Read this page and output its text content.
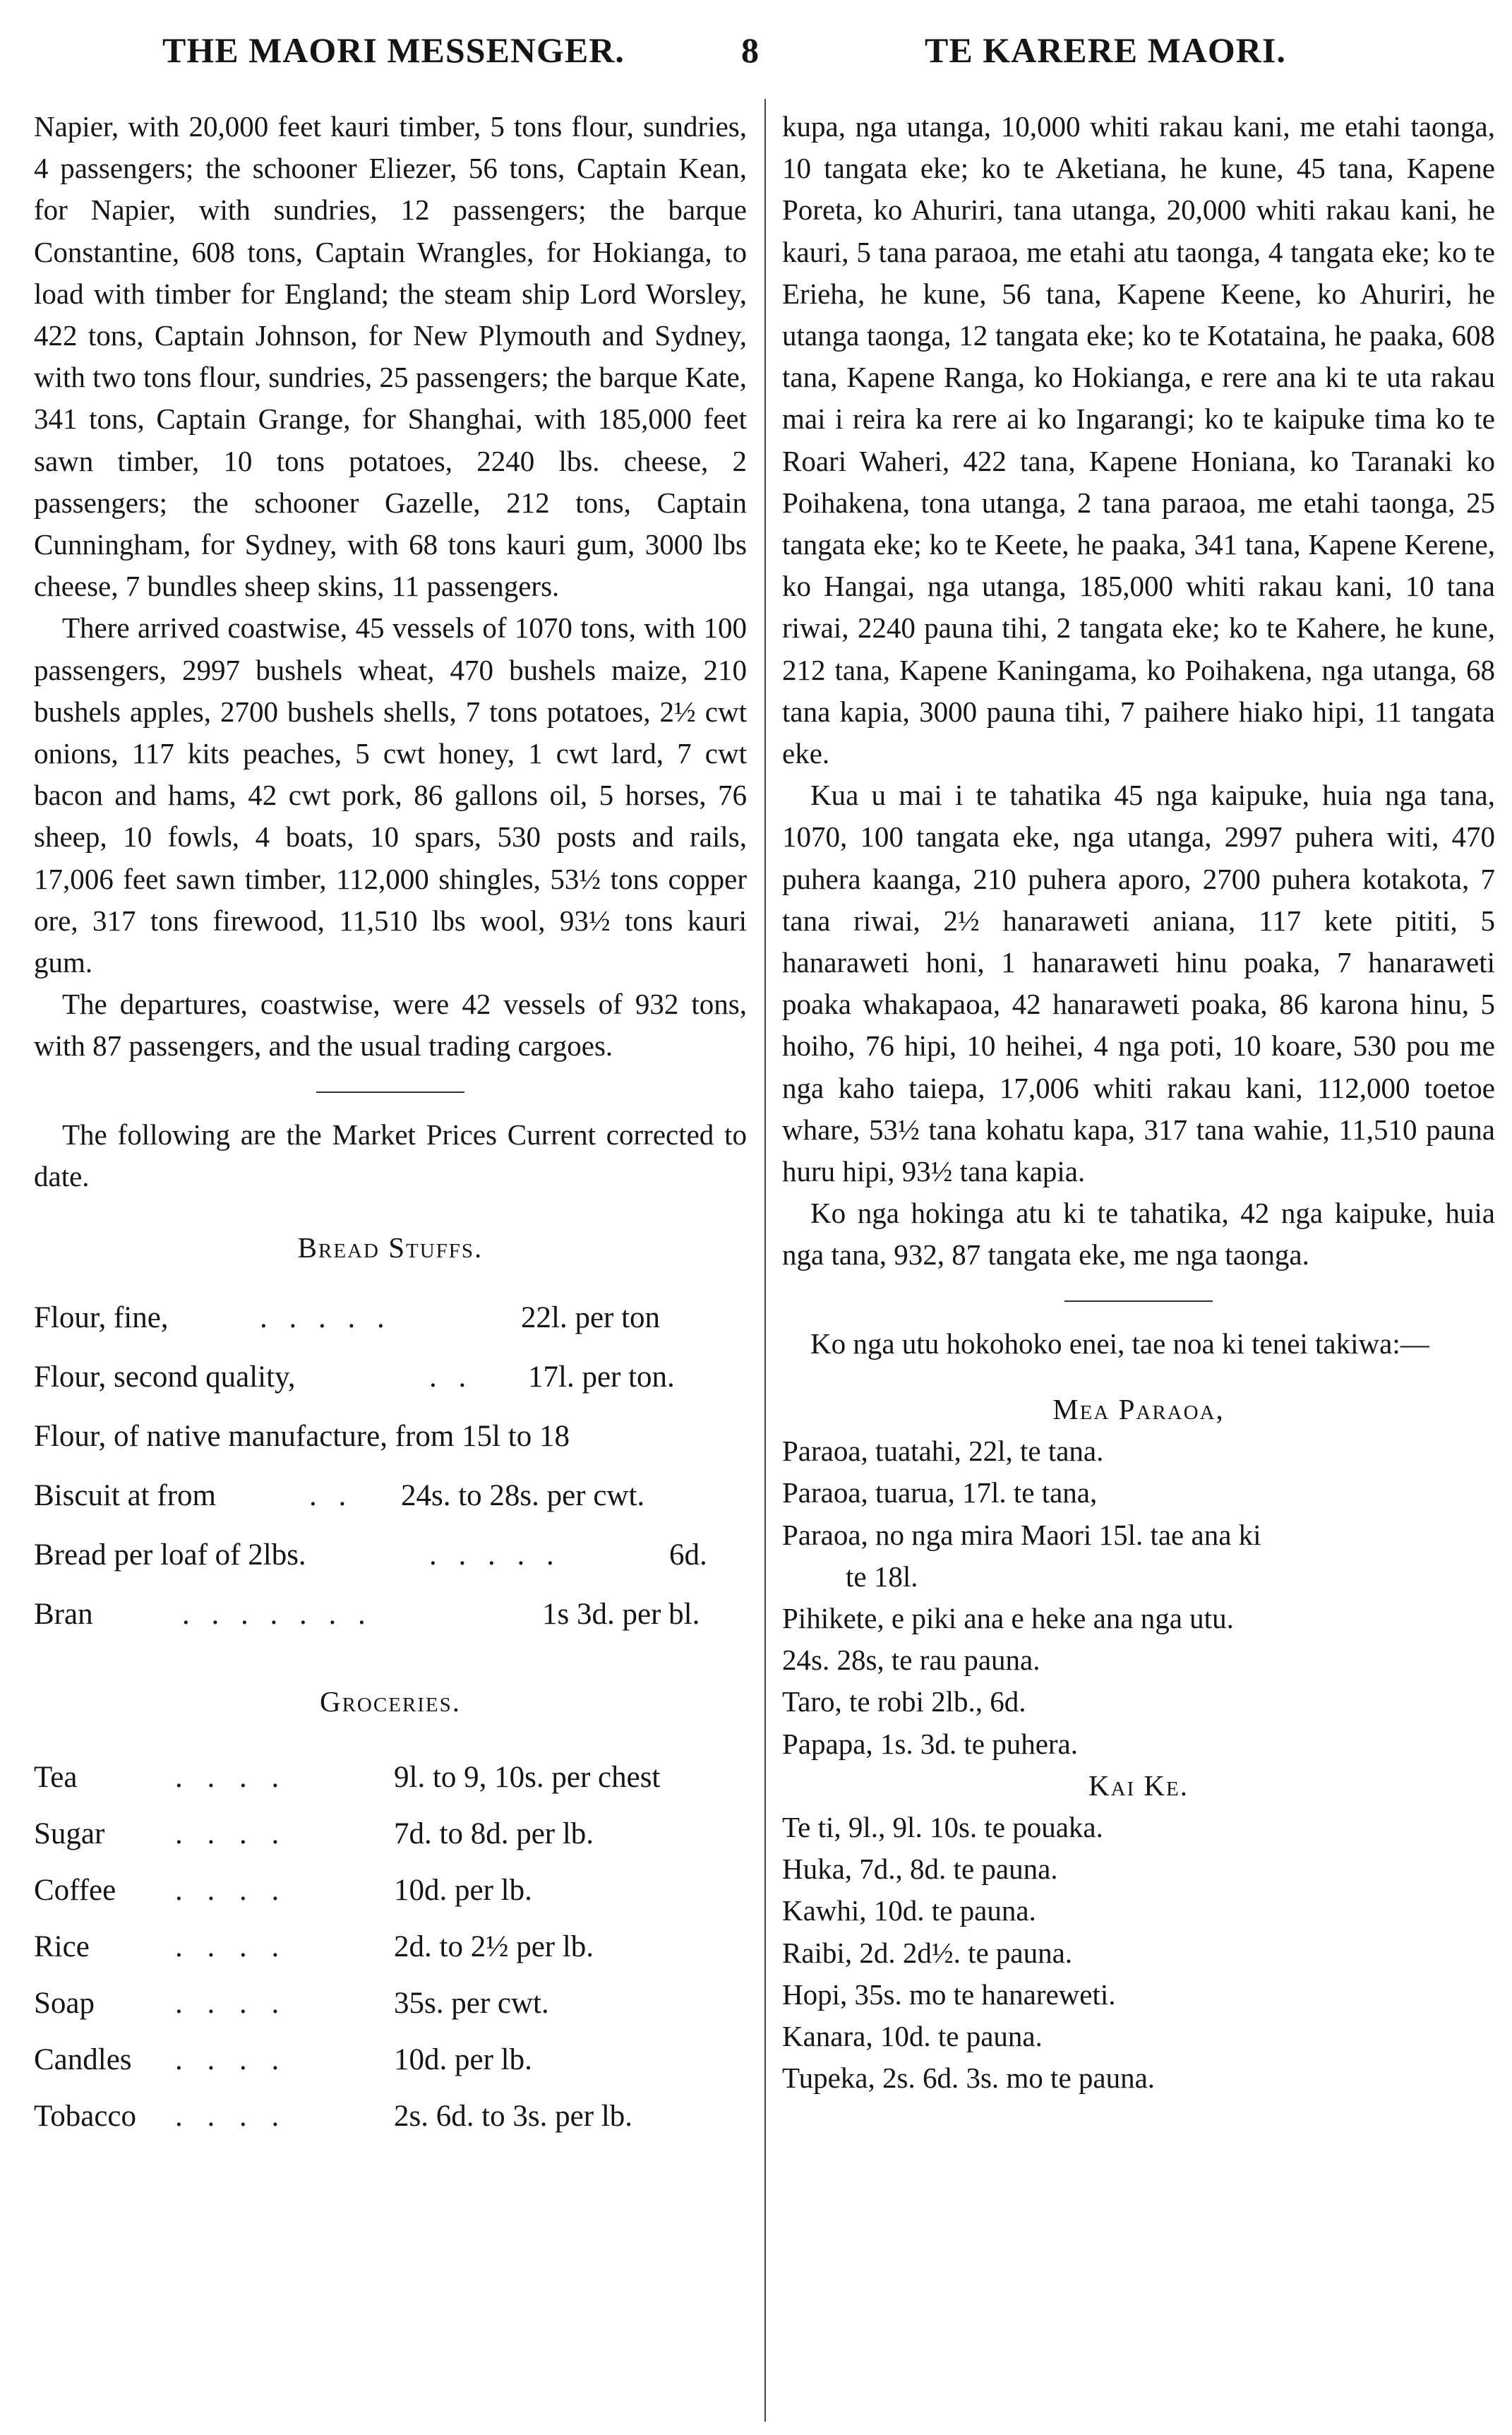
THE MAORI MESSENGER.	8	TE KARERE MAORI.

Napier, with 20,000 feet kauri timber, 5 tons flour, sundries, 4 passengers; the schooner Eliezer, 56 tons, Captain Kean, for Napier, with sundries, 12 passengers; the barque Constantine, 608 tons, Captain Wrangles, for Hokianga, to load with timber for England; the steam ship Lord Worsley, 422 tons, Captain Johnson, for New Plymouth and Sydney, with two tons flour, sundries, 25 passengers; the barque Kate, 341 tons, Captain Grange, for Shanghai, with 185,000 feet sawn timber, 10 tons potatoes, 2240 lbs. cheese, 2 passengers; the schooner Gazelle, 212 tons, Captain Cunningham, for Sydney, with 68 tons kauri gum, 3000 lbs cheese, 7 bundles sheep skins, 11 passengers.

There arrived coastwise, 45 vessels of 1070 tons, with 100 passengers, 2997 bushels wheat, 470 bushels maize, 210 bushels apples, 2700 bushels shells, 7 tons potatoes, 2½ cwt onions, 117 kits peaches, 5 cwt honey, 1 cwt lard, 7 cwt bacon and hams, 42 cwt pork, 86 gallons oil, 5 horses, 76 sheep, 10 fowls, 4 boats, 10 spars, 530 posts and rails, 17,006 feet sawn timber, 112,000 shingles, 53½ tons copper ore, 317 tons firewood, 11,510 lbs wool, 93½ tons kauri gum.

The departures, coastwise, were 42 vessels of 932 tons, with 87 passengers, and the usual trading cargoes.

The following are the Market Prices Current corrected to date.

Bread Stuffs.

Flour, fine,	. . . . .	22l. per ton
Flour, second quality,	. . 17l. per ton.
Flour, of native manufacture, from 15l to 18
Biscuit at from	. . 24s. to 28s. per cwt.
Bread per loaf of 2lbs.	. . . . .	6d.
Bran	. . . . . . .	1s 3d. per bl.

Groceries.

Tea	. . . .	9l. to 9, 10s. per chest
Sugar . . . .	7d. to 8d. per lb.
Coffee . . . .	10d. per lb.
Rice	. . . .	2d. to 2½ per lb.
Soap	. . . .	35s. per cwt.
Candles . . . .	10d. per lb.
Tobacco . . . .	2s. 6d. to 3s. per lb.

kupa, nga utanga, 10,000 whiti rakau kani, me etahi taonga, 10 tangata eke; ko te Aketiana, he kune, 45 tana, Kapene Poreta, ko Ahuriri, tana utanga, 20,000 whiti rakau kani, he kauri, 5 tana paraoa, me etahi atu taonga, 4 tangata eke; ko te Erieha, he kune, 56 tana, Kapene Keene, ko Ahuriri, he utanga taonga, 12 tangata eke; ko te Kotataina, he paaka, 608 tana, Kapene Ranga, ko Hokianga, e rere ana ki te uta rakau mai i reira ka rere ai ko Ingarangi; ko te kaipuke tima ko te Roari Waheri, 422 tana, Kapene Honiana, ko Taranaki ko Poihakena, tona utanga, 2 tana paraoa, me etahi taonga, 25 tangata eke; ko te Keete, he paaka, 341 tana, Kapene Kerene, ko Hangai, nga utanga, 185,000 whiti rakau kani, 10 tana riwai, 2240 pauna tihi, 2 tangata eke; ko te Kahere, he kune, 212 tana, Kapene Kaningama, ko Poihakena, nga utanga, 68 tana kapia, 3000 pauna tihi, 7 paihere hiako hipi, 11 tangata eke.

Kua u mai i te tahatika 45 nga kaipuke, huia nga tana, 1070, 100 tangata eke, nga utanga, 2997 puhera witi, 470 puhera kaanga, 210 puhera aporo, 2700 puhera kotakota, 7 tana riwai, 2½ hanaraweti aniana, 117 kete pititi, 5 hanaraweti honi, 1 hanaraweti hinu poaka, 7 hanaraweti poaka whakapaoa, 42 hanaraweti poaka, 86 karona hinu, 5 hoiho, 76 hipi, 10 heihei, 4 nga poti, 10 koare, 530 pou me nga kaho taiepa, 17,006 whiti rakau kani, 112,000 toetoe whare, 53½ tana kohatu kapa, 317 tana wahie, 11,510 pauna huru hipi, 93½ tana kapia.

Ko nga hokinga atu ki te tahatika, 42 nga kaipuke, huia nga tana, 932, 87 tangata eke, me nga taonga.

Ko nga utu hokohoko enei, tae noa ki tenei takiwa:—

Mea Paraoa,

Paraoa, tuatahi, 22l, te tana.

Paraoa, tuarua, 17l. te tana,

Paraoa, no nga mira Maori 15l. tae ana ki

te 18l.

Pihikete, e piki ana e heke ana nga utu.

24s. 28s, te rau pauna.

Taro, te robi 2lb., 6d.

Papapa, 1s. 3d. te puhera.

Kai Ke.

Te ti, 9l., 9l. 10s. te pouaka.

Huka, 7d., 8d. te pauna.

Kawhi, 10d. te pauna.

Raibi, 2d. 2d½. te pauna.

Hopi, 35s. mo te hanareweti.

Kanara, 10d. te pauna.

Tupeka, 2s. 6d. 3s. mo te pauna.
